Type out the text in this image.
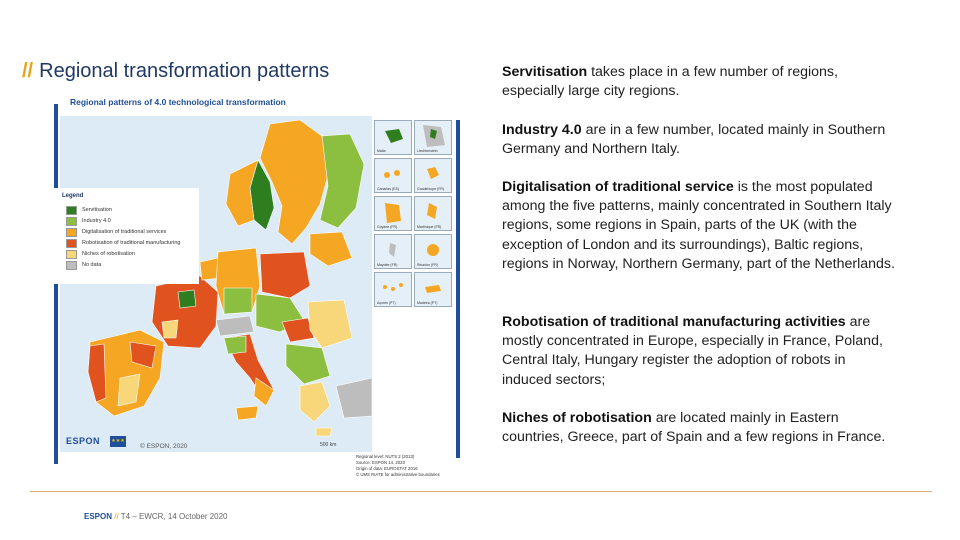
// Regional transformation patterns
Regional patterns of 4.0 technological transformation
Legend
Servitisation
Industry 4.0
Digitalisation of traditional services
Robotisation of traditional manufacturing
Niches of robotisation
No data
Malta	Liechtenstein
Canarias (ES)	Guadeloupe (FR)
Guyane (FR)	Martinique (FR)
Mayotte (FR)	Réunion (FR)
Açores (PT)	Madeira (PT)
ESPON ★★★
© ESPON, 2020	500 km
Regional level: NUTS 2 (2013)
Source: ESPON 14, 2020
Origin of data: EUROSTAT 2016
© UMS RIATE for administrative boundaries
Servitisation takes place in a few number of regions, especially large city regions.
Industry 4.0 are in a few number, located mainly in Southern Germany and Northern Italy.
Digitalisation of traditional service is the most populated among the five patterns, mainly concentrated in Southern Italy regions, some regions in Spain, parts of the UK (with the exception of London and its surroundings), Baltic regions, regions in Norway, Northern Germany, part of the Netherlands.
Robotisation of traditional manufacturing activities are mostly concentrated in Europe, especially in France, Poland, Central Italy, Hungary register the adoption of robots in induced sectors;
Niches of robotisation are located mainly in Eastern countries, Greece, part of Spain and a few regions in France.
ESPON // T4 – EWCR, 14 October 2020
